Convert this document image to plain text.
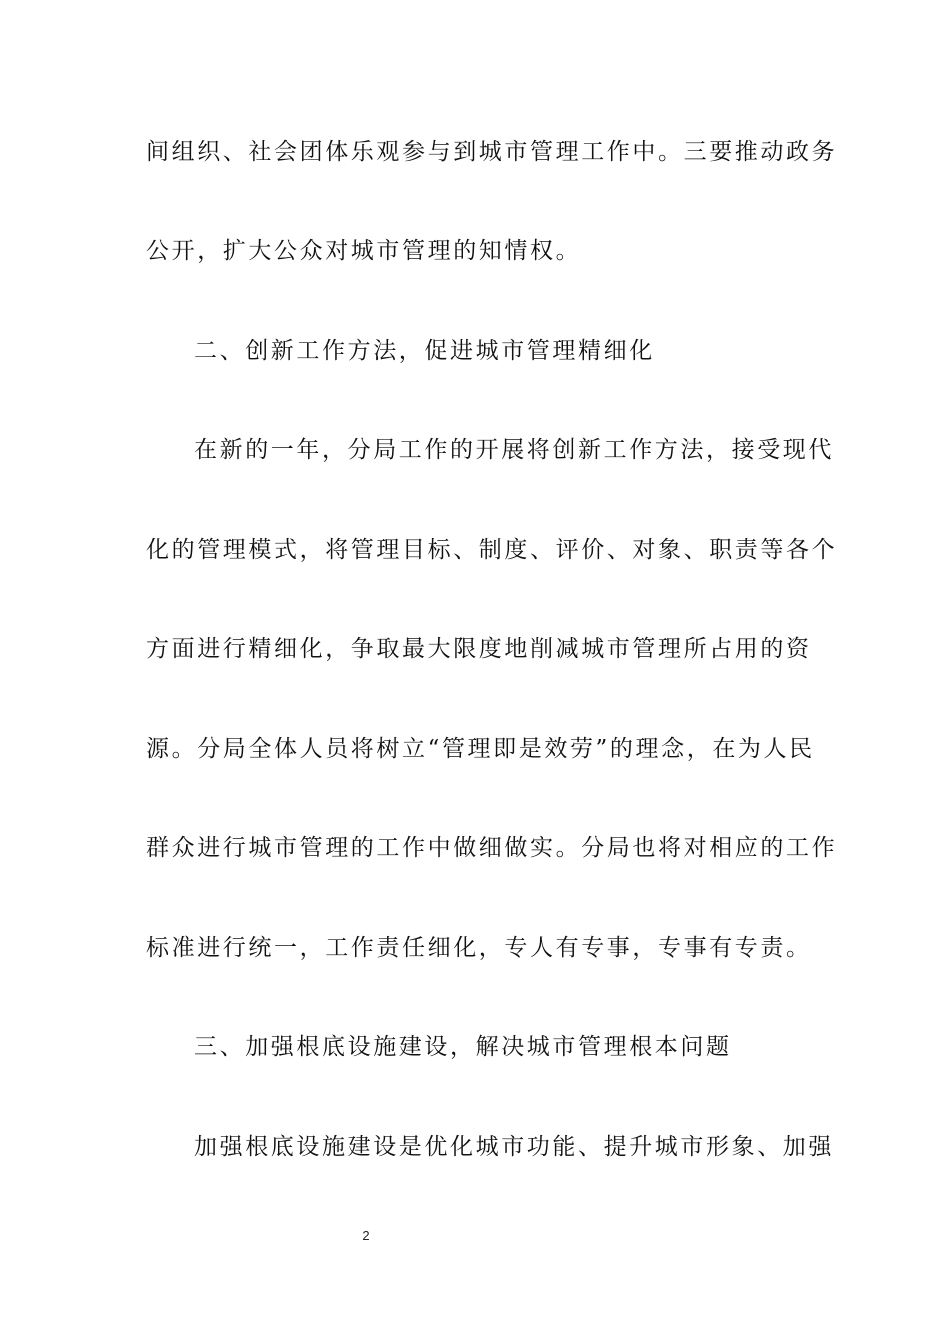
间组织、社会团体乐观参与到城市管理工作中。三要推动政务
公开，扩大公众对城市管理的知情权。
二、创新工作方法，促进城市管理精细化
在新的一年，分局工作的开展将创新工作方法，接受现代
化的管理模式，将管理目标、制度、评价、对象、职责等各个
方面进行精细化，争取最大限度地削减城市管理所占用的资
源。分局全体人员将树立“管理即是效劳”的理念，在为人民
群众进行城市管理的工作中做细做实。分局也将对相应的工作
标准进行统一，工作责任细化，专人有专事，专事有专责。
三、加强根底设施建设，解决城市管理根本问题
加强根底设施建设是优化城市功能、提升城市形象、加强
2
